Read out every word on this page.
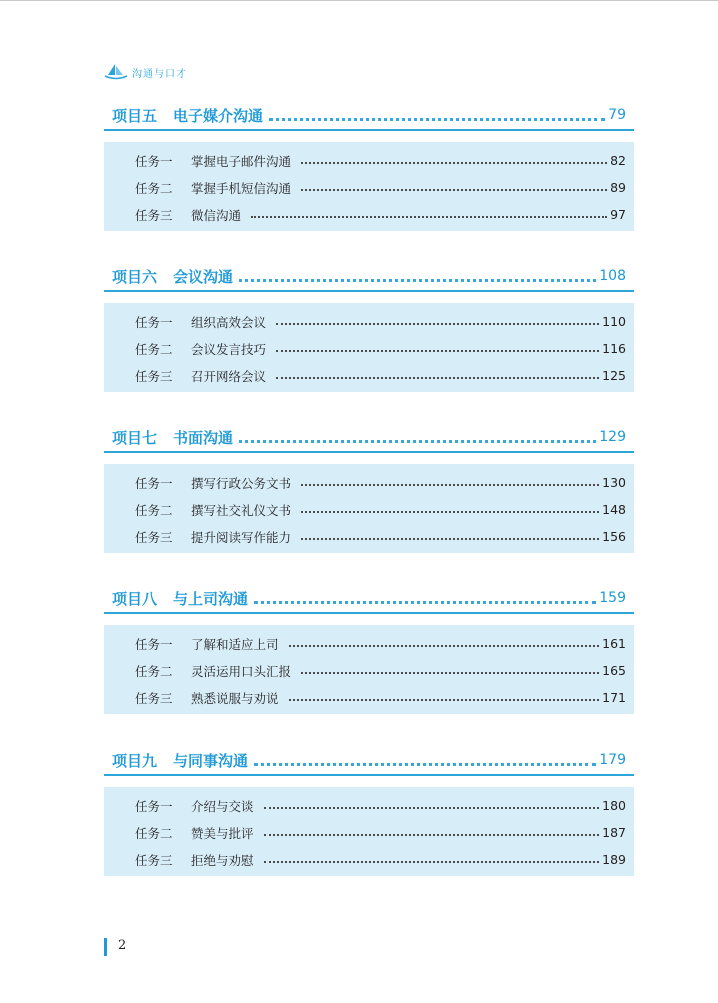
沟通与口才
项目五 电子媒介沟通	79
任务一	掌握电子邮件沟通	82
任务二	掌握手机短信沟通	89
任务三	微信沟通	97
项目六 会议沟通	108
任务一	组织高效会议	110
任务二	会议发言技巧	116
任务三	召开网络会议	125
项目七 书面沟通	129
任务一	撰写行政公务文书	130
任务二	撰写社交礼仪文书	148
任务三	提升阅读写作能力	156
项目八 与上司沟通	159
任务一	了解和适应上司	161
任务二	灵活运用口头汇报	165
任务三	熟悉说服与劝说	171
项目九 与同事沟通	179
任务一	介绍与交谈	180
任务二	赞美与批评	187
任务三	拒绝与劝慰	189
2
